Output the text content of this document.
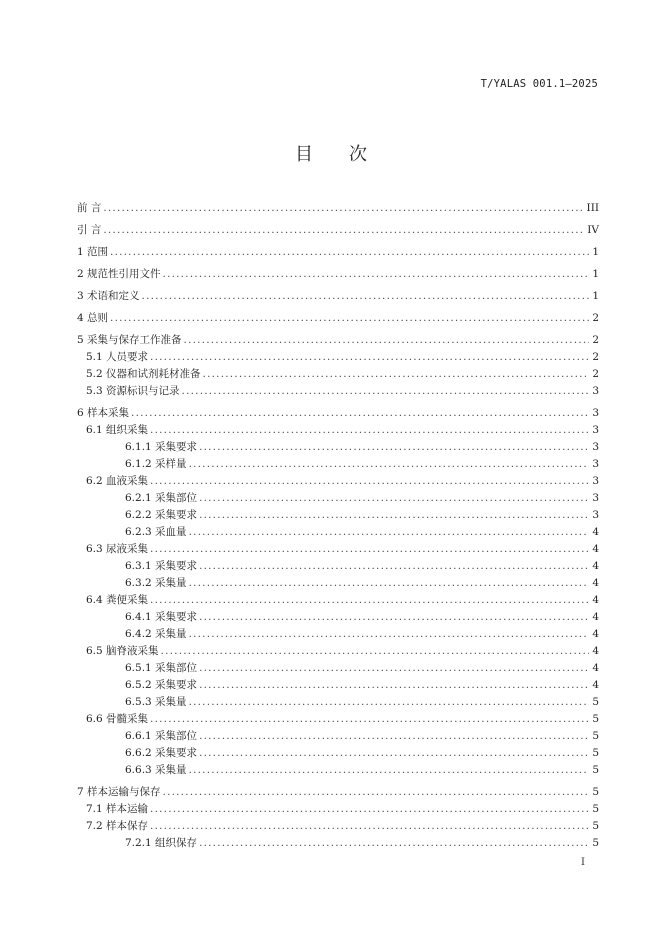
T/YALAS 001.1—2025
目 次
前 言 .....	III
引 言 .....	IV
1 范围 .....	1
2 规范性引用文件 .....	1
3 术语和定义 .....	1
4 总则 .....	2
5 采集与保存工作准备 .....	2
5.1 人员要求 .....	2
5.2 仪器和试剂耗材准备 .....	2
5.3 资源标识与记录 .....	3
6 样本采集 .....	3
6.1 组织采集 .....	3
6.1.1 采集要求 .....	3
6.1.2 采样量 .....	3
6.2 血液采集 .....	3
6.2.1 采集部位 .....	3
6.2.2 采集要求 .....	3
6.2.3 采血量 .....	4
6.3 尿液采集 .....	4
6.3.1 采集要求 .....	4
6.3.2 采集量 .....	4
6.4 粪便采集 .....	4
6.4.1 采集要求 .....	4
6.4.2 采集量 .....	4
6.5 脑脊液采集 .....	4
6.5.1 采集部位 .....	4
6.5.2 采集要求 .....	4
6.5.3 采集量 .....	5
6.6 骨髓采集 .....	5
6.6.1 采集部位 .....	5
6.6.2 采集要求 .....	5
6.6.3 采集量 .....	5
7 样本运输与保存 .....	5
7.1 样本运输 .....	5
7.2 样本保存 .....	5
7.2.1 组织保存 .....	5
I
